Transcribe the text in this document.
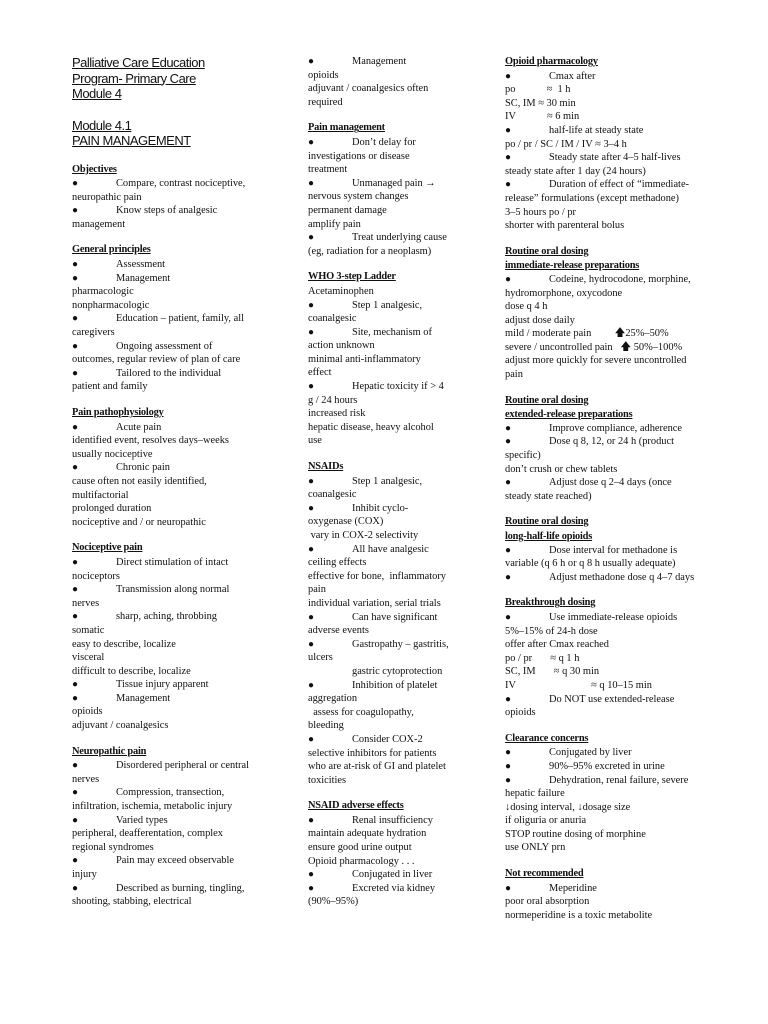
Palliative Care Education
Program- Primary Care
Module 4
Module 4.1
PAIN MANAGEMENT
Objectives
●Compare, contrast nociceptive,
neuropathic pain
●Know steps of analgesic
management
General principles
●Assessment
●Management
pharmacologic
nonpharmacologic
●Education – patient, family, all
caregivers
●Ongoing assessment of
outcomes, regular review of plan of care
●Tailored to the individual
patient and family
Pain pathophysiology
●Acute pain
identified event, resolves days–weeks
usually nociceptive
●Chronic pain
cause often not easily identified,
multifactorial
prolonged duration
nociceptive and / or neuropathic
Nociceptive pain
●Direct stimulation of intact
nociceptors
●Transmission along normal
nerves
●sharp, aching, throbbing
somatic
easy to describe, localize
visceral
difficult to describe, localize
●Tissue injury apparent
●Management
opioids
adjuvant / coanalgesics
Neuropathic pain
●Disordered peripheral or central
nerves
●Compression, transection,
infiltration, ischemia, metabolic injury
●Varied types
peripheral, deafferentation, complex
regional syndromes
●Pain may exceed observable
injury
●Described as burning, tingling,
shooting, stabbing, electrical
●Management
opioids
adjuvant / coanalgesics often
required
Pain management
●Don’t delay for
investigations or disease
treatment
●Unmanaged pain →
nervous system changes
permanent damage
amplify pain
●Treat underlying cause
(eg, radiation for a neoplasm)
WHO 3-step Ladder
Acetaminophen
●Step 1 analgesic,
coanalgesic
●Site, mechanism of
action unknown
minimal anti-inflammatory
effect
●Hepatic toxicity if > 4
g / 24 hours
increased risk
hepatic disease, heavy alcohol
use
NSAIDs
●Step 1 analgesic,
coanalgesic
●Inhibit cyclo-
oxygenase (COX)
vary in COX-2 selectivity
●All have analgesic
ceiling effects
effective for bone,  inflammatory
pain
individual variation, serial trials
●Can have significant
adverse events
●Gastropathy – gastritis,
ulcers
gastric cytoprotection
●Inhibition of platelet
aggregation
assess for coagulopathy,
bleeding
●Consider COX-2
selective inhibitors for patients
who are at-risk of GI and platelet
toxicities
NSAID adverse effects
●Renal insufficiency
maintain adequate hydration
ensure good urine output
Opioid pharmacology . . .
●Conjugated in liver
●Excreted via kidney
(90%–95%)
Opioid pharmacology
●Cmax after
po            ≈  1 h
SC, IM ≈ 30 min
IV            ≈ 6 min
●half-life at steady state
po / pr / SC / IM / IV ≈ 3–4 h
●Steady state after 4–5 half-lives
steady state after 1 day (24 hours)
●Duration of effect of “immediate-
release” formulations (except methadone)
3–5 hours po / pr
shorter with parenteral bolus
Routine oral dosing
immediate-release preparations
●Codeine, hydrocodone, morphine,
hydromorphone, oxycodone
dose q 4 h
adjust dose daily
mild / moderate pain         🡅25%–50%
severe / uncontrolled pain   🡅 50%–100%
adjust more quickly for severe uncontrolled
pain
Routine oral dosing
extended-release preparations
●Improve compliance, adherence
●Dose q 8, 12, or 24 h (product
specific)
don’t crush or chew tablets
●Adjust dose q 2–4 days (once
steady state reached)
Routine oral dosing
long-half-life opioids
●Dose interval for methadone is
variable (q 6 h or q 8 h usually adequate)
●Adjust methadone dose q 4–7 days
Breakthrough dosing
●Use immediate-release opioids
5%–15% of 24-h dose
offer after Cmax reached
po / pr       ≈ q 1 h
SC, IM       ≈ q 30 min
IV                             ≈ q 10–15 min
●Do NOT use extended-release
opioids
Clearance concerns
●Conjugated by liver
●90%–95% excreted in urine
●Dehydration, renal failure, severe
hepatic failure
↓dosing interval, ↓dosage size
if oliguria or anuria
STOP routine dosing of morphine
use ONLY prn
Not recommended
●Meperidine
poor oral absorption
normeperidine is a toxic metabolite
